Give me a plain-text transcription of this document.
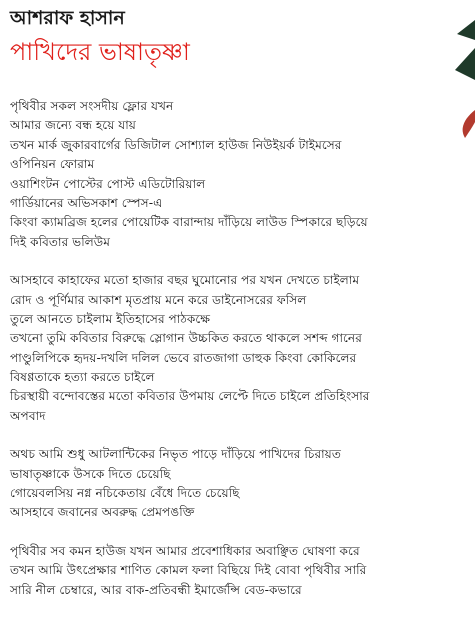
আশরাফ হাসান
পাখিদের ভাষাতৃষ্ণা
পৃথিবীর সকল সংসদীয় ফ্লোর যখন
আমার জন্যে বন্ধ হয়ে যায়
তখন মার্ক জুকারবার্গের ডিজিটাল সোশ্যাল হাউজ নিউইয়র্ক টাইমসের
ওপিনিয়ন ফোরাম
ওয়াশিংটন পোস্টের পোস্ট এডিটোরিয়াল
গার্ডিয়ানের অভিসকাশ স্পেস-এ
কিংবা ক্যামব্রিজ হলের পোয়েটিক বারান্দায় দাঁড়িয়ে লাউড স্পিকারে ছড়িয়ে
দিই কবিতার ভলিউম
আসহাবে কাহাফের মতো হাজার বছর ঘুমোনোর পর যখন দেখতে চাইলাম
রোদ ও পূর্ণিমার আকাশ মৃতপ্রায় মনে করে ডাইনোসরের ফসিল
তুলে আনতে চাইলাম ইতিহাসের পাঠকক্ষে
তখনো তুমি কবিতার বিরুদ্ধে স্লোগান উচ্চকিত করতে থাকলে সশব্দ গানের
পাণ্ডুলিপিকে হৃদয়-দখলি দলিল ভেবে রাতজাগা ডাহুক কিংবা কোকিলের
বিষণ্ণতাকে হত্যা করতে চাইলে
চিরস্থায়ী বন্দোবস্তের মতো কবিতার উপমায় লেপ্টে দিতে চাইলে প্রতিহিংসার
অপবাদ
অথচ আমি শুধু আটলান্টিকের নিভৃত পাড়ে দাঁড়িয়ে পাখিদের চিরায়ত
ভাষাতৃষ্ণাকে উসকে দিতে চেয়েছি
গোয়েবলসিয় নগ্ন নচিকেতায় বেঁধে দিতে চেয়েছি
আসহাবে জবানের অবরুদ্ধ প্রেমপঙক্তি
পৃথিবীর সব কমন হাউজ যখন আমার প্রবেশাধিকার অবাঞ্ছিত ঘোষণা করে
তখন আমি উৎপ্রেক্ষার শাণিত কোমল ফলা বিছিয়ে দিই বোবা পৃথিবীর সারি
সারি নীল চেম্বারে, আর বাক-প্রতিবন্ধী ইমার্জেন্সি বেড-কভারে
